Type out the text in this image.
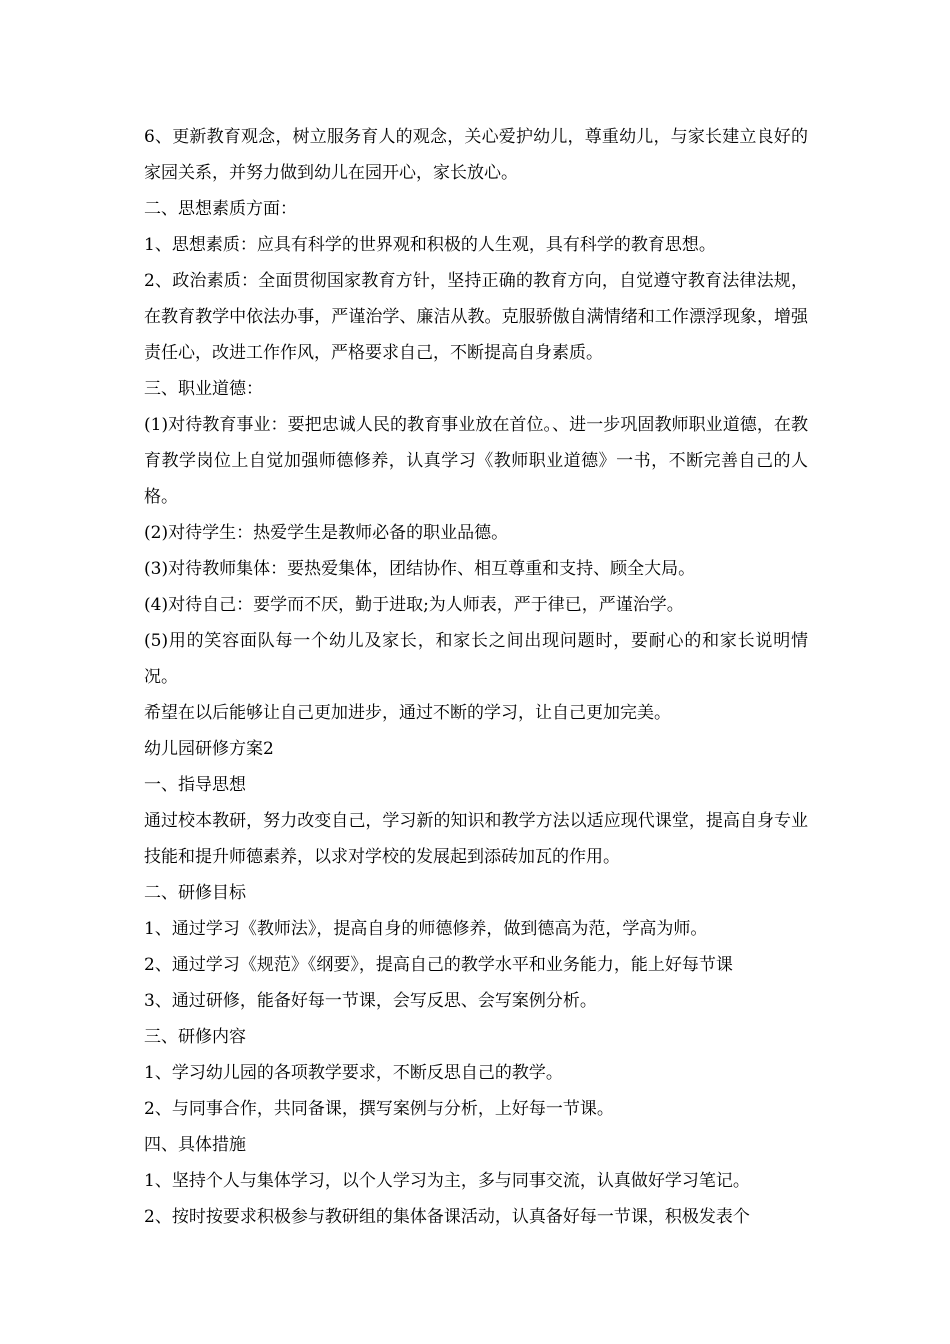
6、更新教育观念，树立服务育人的观念，关心爱护幼儿，尊重幼儿，与家长建立良好的家园关系，并努力做到幼儿在园开心，家长放心。

二、思想素质方面：

1、思想素质：应具有科学的世界观和积极的人生观，具有科学的教育思想。

2、政治素质：全面贯彻国家教育方针，坚持正确的教育方向，自觉遵守教育法律法规，在教育教学中依法办事，严谨治学、廉洁从教。克服骄傲自满情绪和工作漂浮现象，增强责任心，改进工作作风，严格要求自己，不断提高自身素质。

三、职业道德：

(1)对待教育事业：要把忠诚人民的教育事业放在首位。、进一步巩固教师职业道德，在教育教学岗位上自觉加强师德修养，认真学习《教师职业道德》一书，不断完善自己的人格。

(2)对待学生：热爱学生是教师必备的职业品德。

(3)对待教师集体：要热爱集体，团结协作、相互尊重和支持、顾全大局。

(4)对待自己：要学而不厌，勤于进取;为人师表，严于律已，严谨治学。

(5)用的笑容面队每一个幼儿及家长，和家长之间出现问题时，要耐心的和家长说明情况。

希望在以后能够让自己更加进步，通过不断的学习，让自己更加完美。

幼儿园研修方案2

一、指导思想

通过校本教研，努力改变自己，学习新的知识和教学方法以适应现代课堂，提高自身专业技能和提升师德素养，以求对学校的发展起到添砖加瓦的作用。

二、研修目标

1、通过学习《教师法》，提高自身的师德修养，做到德高为范，学高为师。

2、通过学习《规范》《纲要》，提高自己的教学水平和业务能力，能上好每节课

3、通过研修，能备好每一节课，会写反思、会写案例分析。

三、研修内容

1、学习幼儿园的各项教学要求，不断反思自己的教学。

2、与同事合作，共同备课，撰写案例与分析，上好每一节课。

四、具体措施

1、坚持个人与集体学习，以个人学习为主，多与同事交流，认真做好学习笔记。

2、按时按要求积极参与教研组的集体备课活动，认真备好每一节课，积极发表个
